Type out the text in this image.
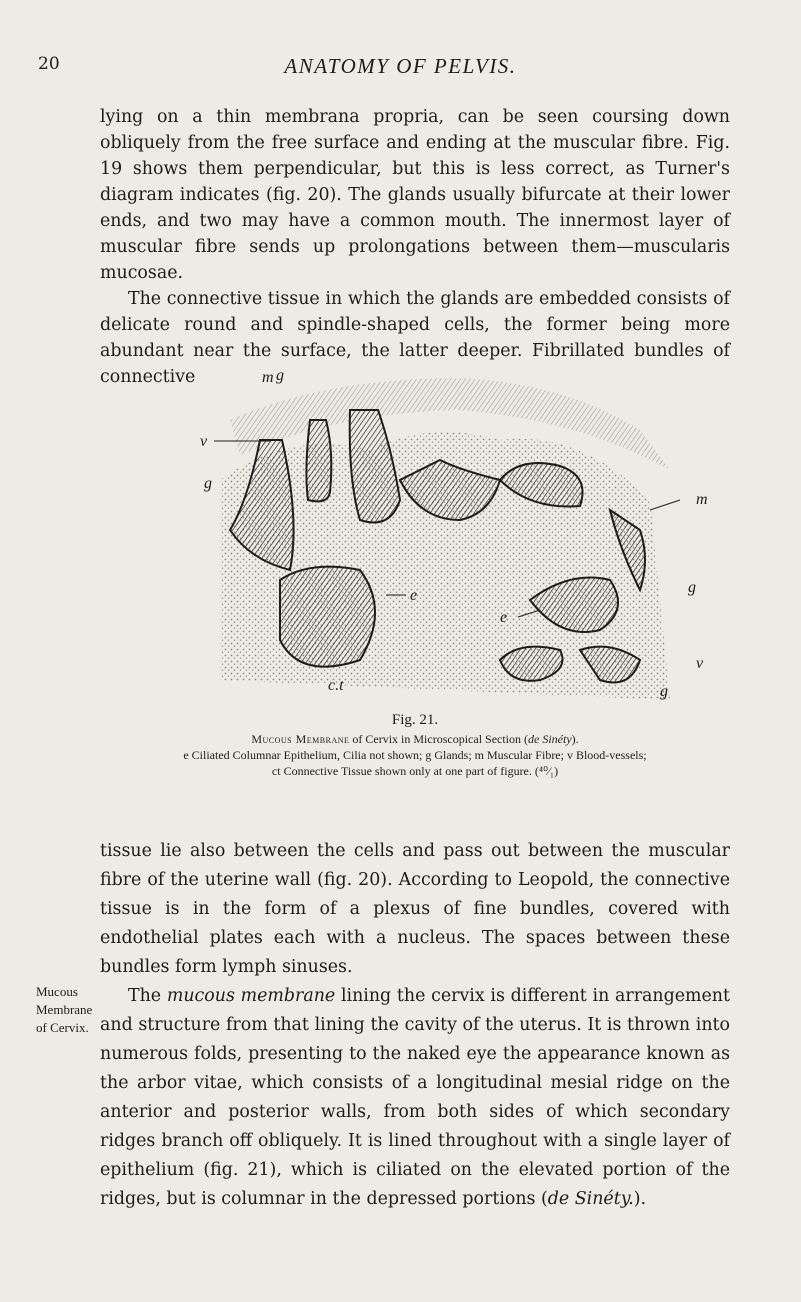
20	ANATOMY OF PELVIS.

lying on a thin membrana propria, can be seen coursing down obliquely from the free surface and ending at the muscular fibre. Fig. 19 shows them perpendicular, but this is less correct, as Turner's diagram indicates (fig. 20). The glands usually bifurcate at their lower ends, and two may have a common mouth. The innermost layer of muscular fibre sends up prolongations between them—muscularis mucosae.

The connective tissue in which the glands are embedded consists of delicate round and spindle-shaped cells, the former being more abundant near the surface, the latter deeper. Fibrillated bundles of connective	m g
v
g
m
g
v
g
e
e
c.t
Fig. 21.
Mucous Membrane of Cervix in Microscopical Section (de Sinéty).
e Ciliated Columnar Epithelium, Cilia not shown; g Glands; m Muscular Fibre; v Blood-vessels;
ct Connective Tissue shown only at one part of figure. (⁴⁰⁄₁)

tissue lie also between the cells and pass out between the muscular fibre of the uterine wall (fig. 20). According to Leopold, the connective tissue is in the form of a plexus of fine bundles, covered with endothelial plates each with a nucleus. The spaces between these bundles form lymph sinuses.

The mucous membrane lining the cervix is different in arrangement and structure from that lining the cavity of the uterus. It is thrown into numerous folds, presenting to the naked eye the appearance known as the arbor vitae, which consists of a longitudinal mesial ridge on the anterior and posterior walls, from both sides of which secondary ridges branch off obliquely. It is lined throughout with a single layer of epithelium (fig. 21), which is ciliated on the elevated portion of the ridges, but is columnar in the depressed portions (de Sinéty.).

Mucous
Membrane
of Cervix.
